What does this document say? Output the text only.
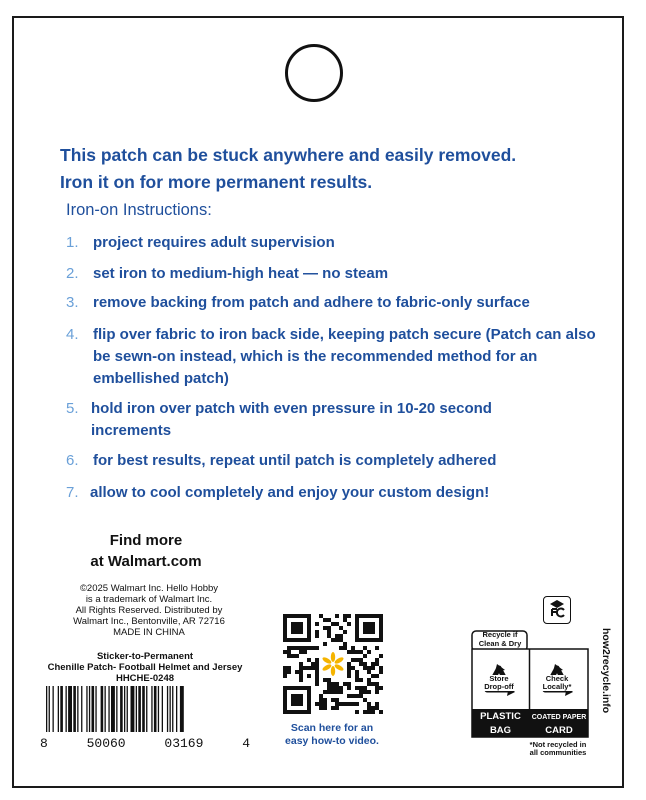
This patch can be stuck anywhere and easily removed.
Iron it on for more permanent results.
Iron-on Instructions:
1. project requires adult supervision
2. set iron to medium-high heat — no steam
3. remove backing from patch and adhere to fabric-only surface
4. flip over fabric to iron back side, keeping patch secure (Patch can also be sewn-on instead, which is the recommended method for an embellished patch)
5. hold iron over patch with even pressure in 10-20 second increments
6. for best results, repeat until patch is completely adhered
7. allow to cool completely and enjoy your custom design!
Find more
at Walmart.com
©2025 Walmart Inc. Hello Hobby
is a trademark of Walmart Inc.
All Rights Reserved. Distributed by
Walmart Inc., Bentonville, AR 72716
MADE IN CHINA
Sticker-to-Permanent
Chenille Patch- Football Helmet and Jersey
HHCHE-0248
8	50060	03169	4
Scan here for an
easy how-to video.
Recycle if Clean & Dry
Store Drop-off
Check Locally*
PLASTIC	COATED PAPER
BAG	CARD
*Not recycled in all communities
how2recycle.info
